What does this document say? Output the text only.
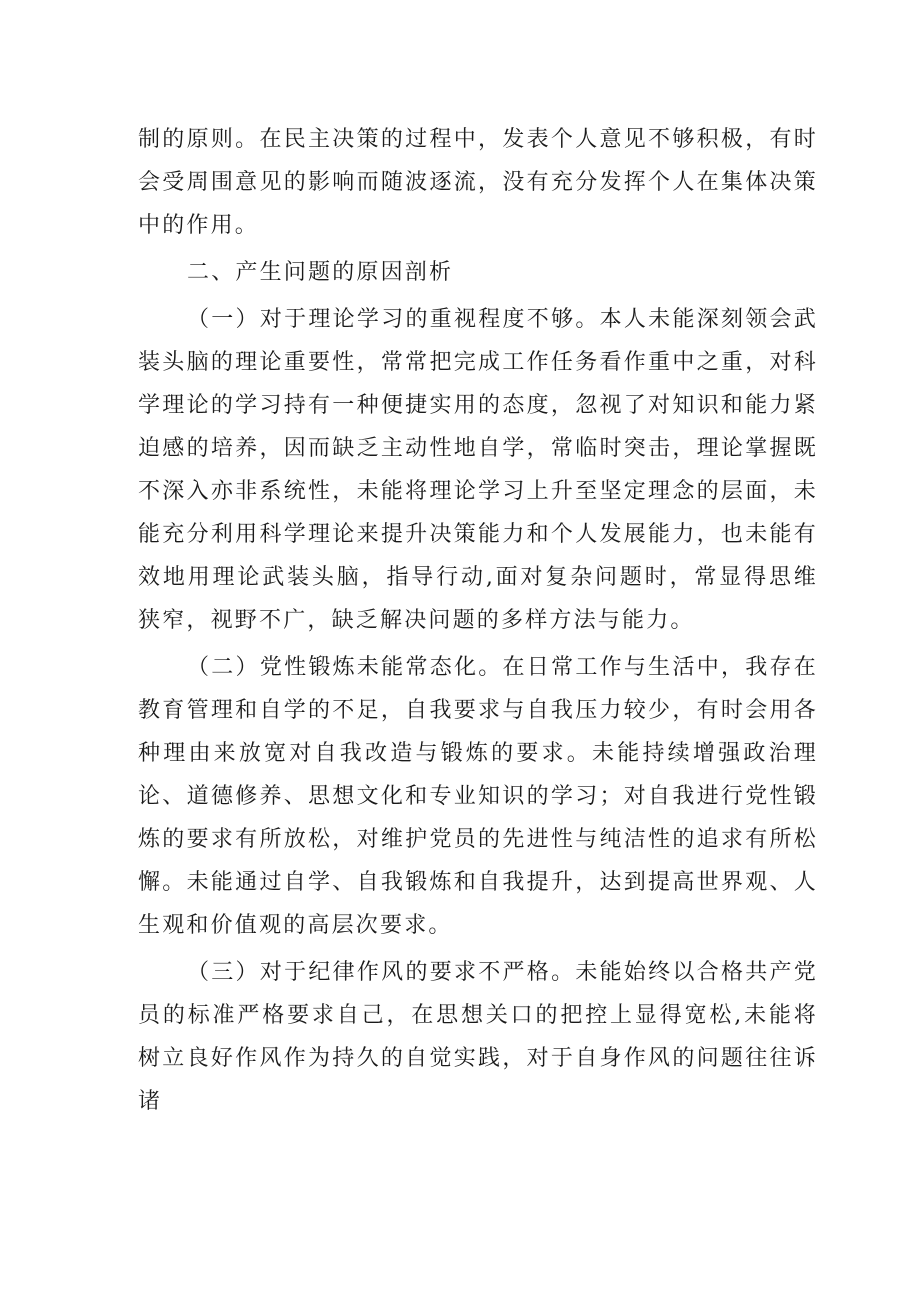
制的原则。在民主决策的过程中，发表个人意见不够积极，有时会受周围意见的影响而随波逐流，没有充分发挥个人在集体决策中的作用。

二、产生问题的原因剖析

（一）对于理论学习的重视程度不够。本人未能深刻领会武装头脑的理论重要性，常常把完成工作任务看作重中之重，对科学理论的学习持有一种便捷实用的态度，忽视了对知识和能力紧迫感的培养，因而缺乏主动性地自学，常临时突击，理论掌握既不深入亦非系统性，未能将理论学习上升至坚定理念的层面，未能充分利用科学理论来提升决策能力和个人发展能力，也未能有效地用理论武装头脑，指导行动,面对复杂问题时，常显得思维狭窄，视野不广，缺乏解决问题的多样方法与能力。

（二）党性锻炼未能常态化。在日常工作与生活中，我存在教育管理和自学的不足，自我要求与自我压力较少，有时会用各种理由来放宽对自我改造与锻炼的要求。未能持续增强政治理论、道德修养、思想文化和专业知识的学习；对自我进行党性锻炼的要求有所放松，对维护党员的先进性与纯洁性的追求有所松懈。未能通过自学、自我锻炼和自我提升，达到提高世界观、人生观和价值观的高层次要求。

（三）对于纪律作风的要求不严格。未能始终以合格共产党员的标准严格要求自己，在思想关口的把控上显得宽松,未能将树立良好作风作为持久的自觉实践，对于自身作风的问题往往诉诸
